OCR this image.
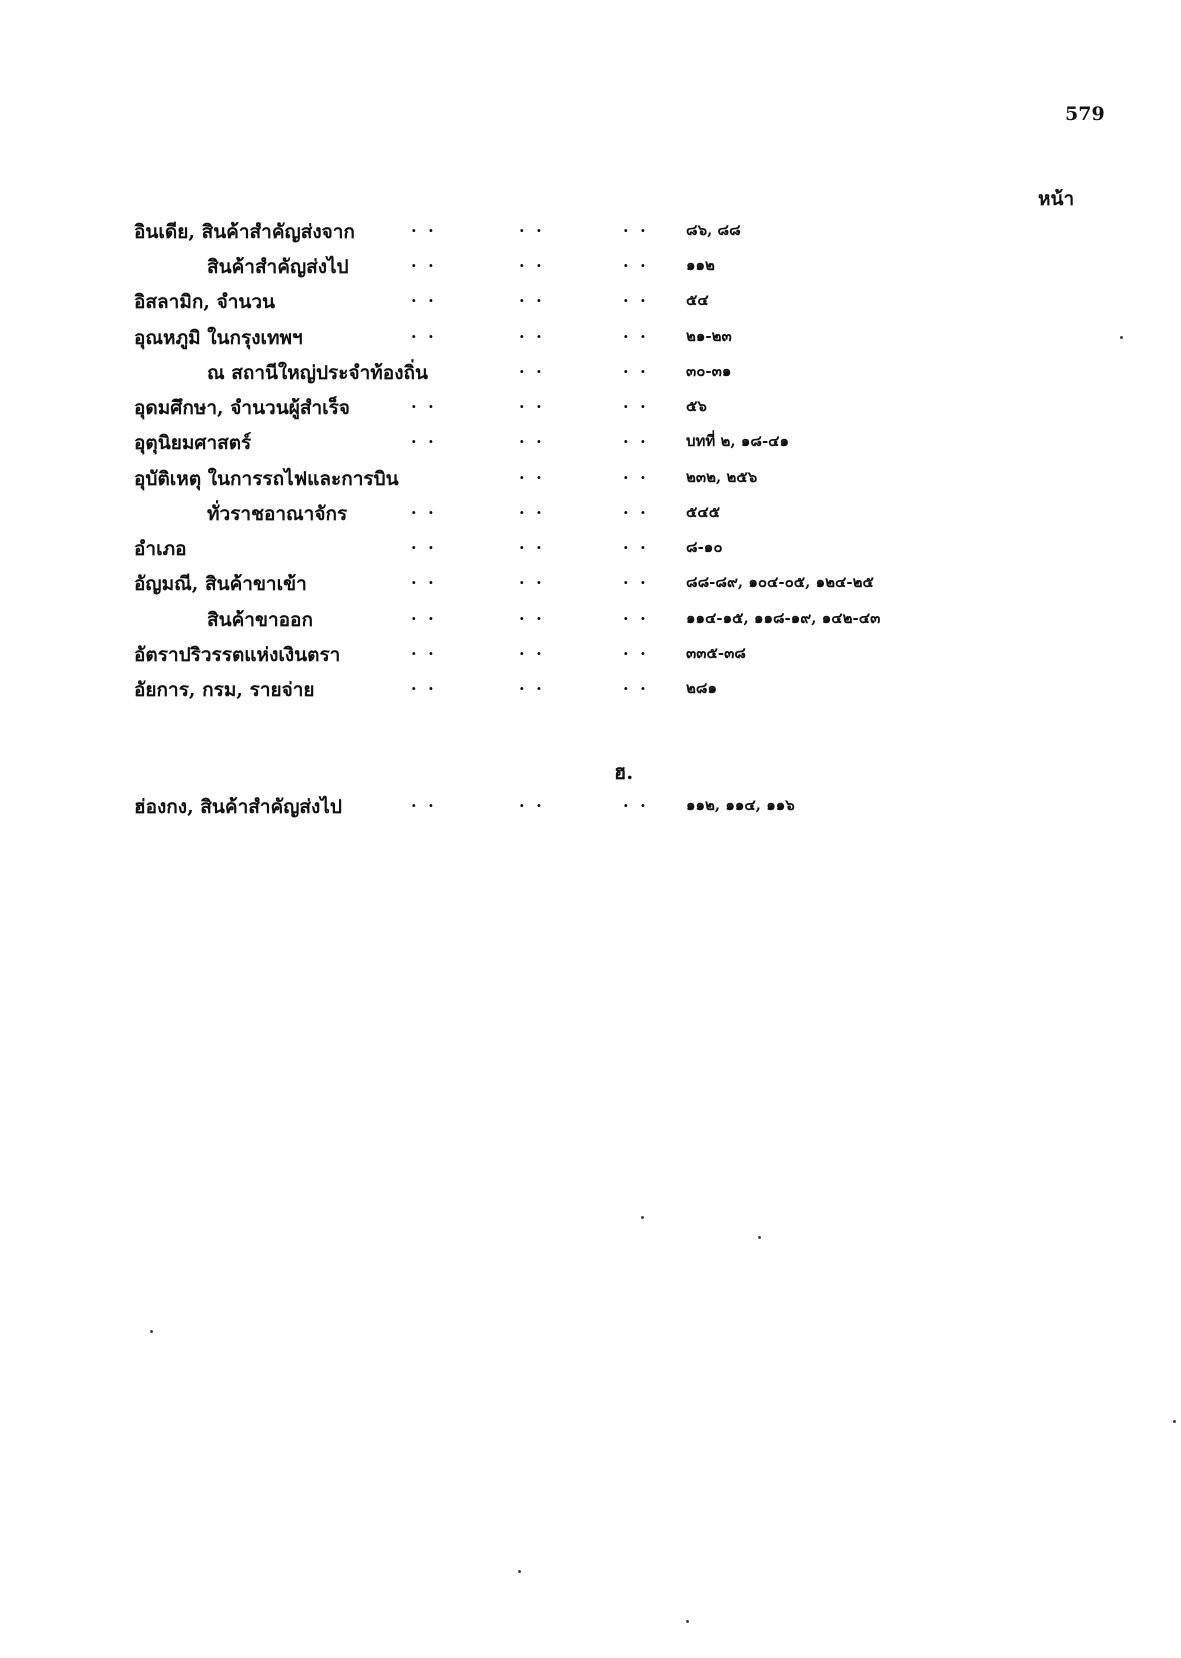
579
หน้า
อินเดีย, สินค้าสำคัญส่งจาก	. .	. .	. . ๘๖, ๘๘
สินค้าสำคัญส่งไป	. .	. .	. . ๑๑๒
อิสลามิก, จำนวน	. .	. .	. . ๕๔
อุณหภูมิ ในกรุงเทพฯ	. .	. .	. . ๒๑-๒๓
ณ สถานีใหญ่ประจำท้องถิ่น	. .	. . ๓๐-๓๑
อุดมศึกษา, จำนวนผู้สำเร็จ	. .	. .	. . ๕๖
อุตุนิยมศาสตร์	. .	. .	. . บทที่ ๒, ๑๘-๔๑
อุบัติเหตุ ในการรถไฟและการบิน	. .	. . ๒๓๒, ๒๕๖
ทั่วราชอาณาจักร	. .	. .	. . ๕๔๕
อำเภอ	. .	. .	. . ๘-๑๐
อัญมณี, สินค้าขาเข้า	. .	. .	. . ๘๘-๘๙, ๑๐๔-๐๕, ๑๒๔-๒๕
สินค้าขาออก	. .	. .	. . ๑๑๔-๑๕, ๑๑๘-๑๙, ๑๔๒-๔๓
อัตราปริวรรตแห่งเงินตรา	. .	. .	. . ๓๓๕-๓๘
อัยการ, กรม, รายจ่าย	. .	. .	. . ๒๘๑
ฮ.
ฮ่องกง, สินค้าสำคัญส่งไป	. .	. .	. . ๑๑๒, ๑๑๔, ๑๑๖
